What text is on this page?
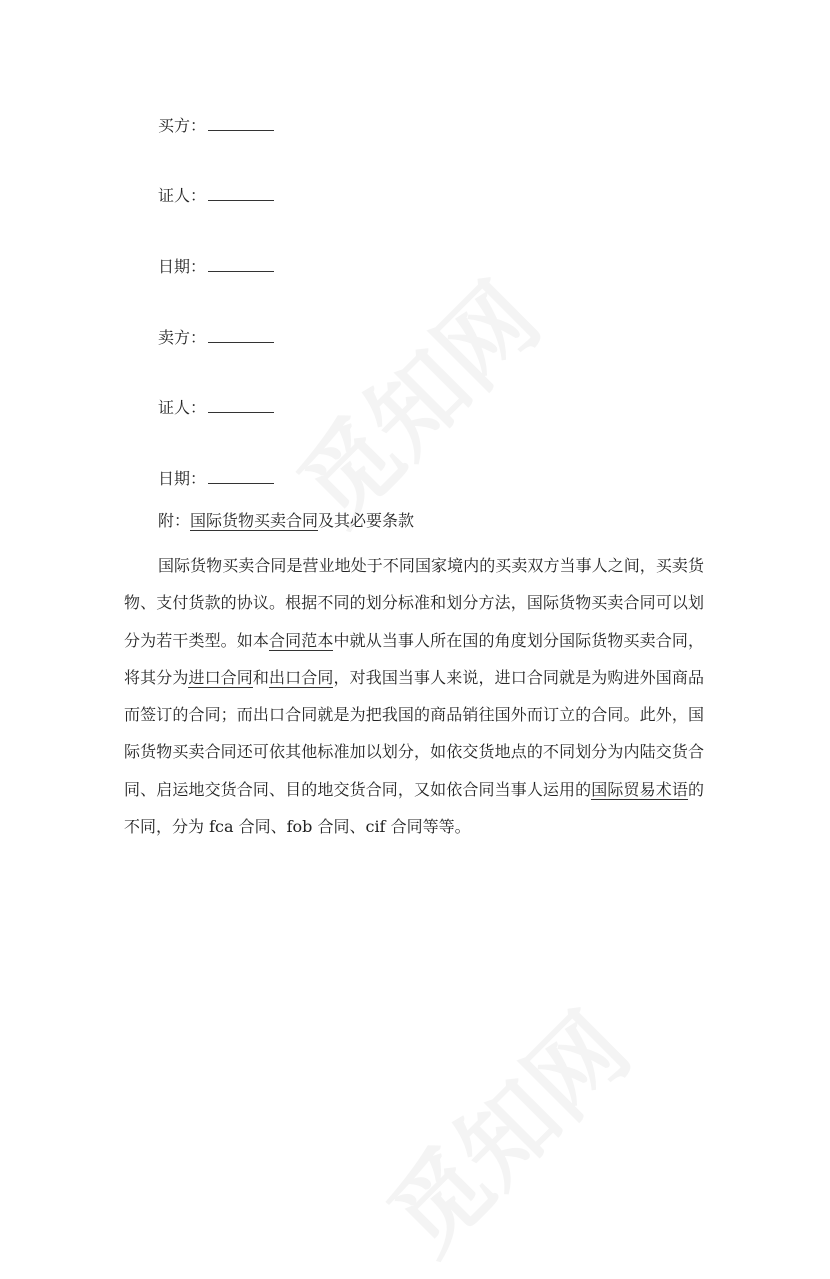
买方：
证人：
日期：
卖方：
证人：
日期：
附：国际货物买卖合同及其必要条款

国际货物买卖合同是营业地处于不同国家境内的买卖双方当事人之间，买卖货物、支付货款的协议。根据不同的划分标准和划分方法，国际货物买卖合同可以划分为若干类型。如本合同范本中就从当事人所在国的角度划分国际货物买卖合同，将其分为进口合同和出口合同，对我国当事人来说，进口合同就是为购进外国商品而签订的合同；而出口合同就是为把我国的商品销往国外而订立的合同。此外，国际货物买卖合同还可依其他标准加以划分，如依交货地点的不同划分为内陆交货合同、启运地交货合同、目的地交货合同，又如依合同当事人运用的国际贸易术语的不同，分为 fca 合同、fob 合同、cif 合同等等。
